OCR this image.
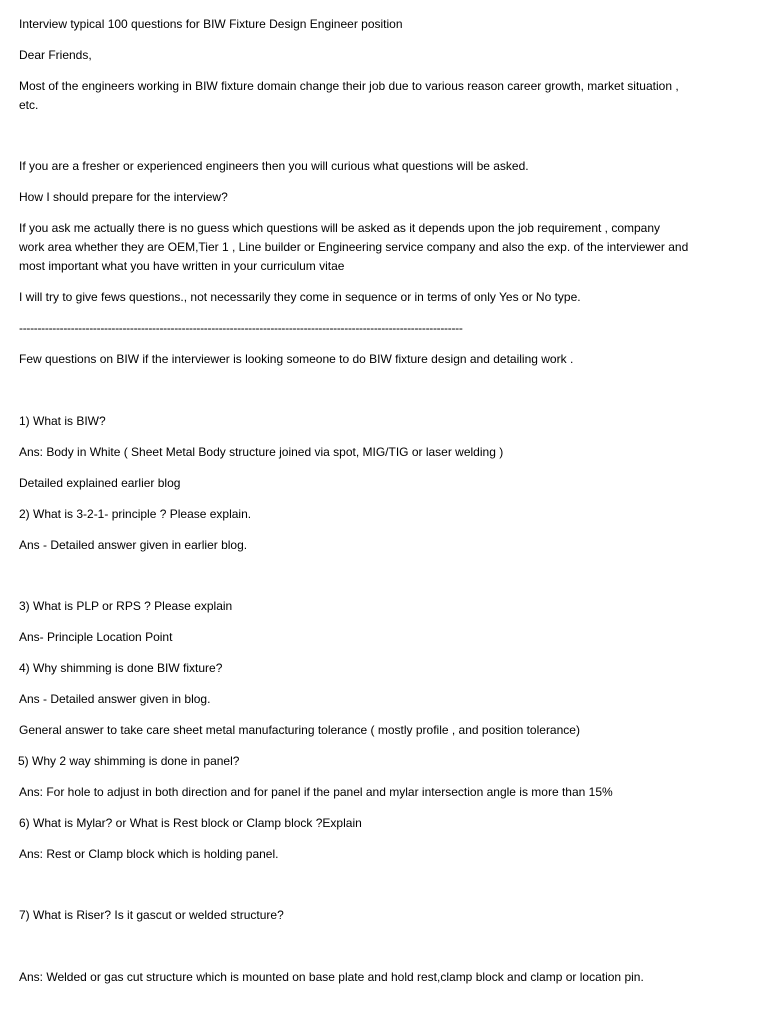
Interview typical 100 questions for BIW Fixture Design Engineer position
Dear Friends,
Most of the engineers working in BIW fixture domain change their job due to various reason career growth, market situation ,
etc.
If you are a fresher or experienced engineers then you will curious what questions will be asked.
How I should prepare for the interview?
If you ask me actually there is no guess which questions will be asked as it depends upon the job requirement , company
work area whether they are OEM,Tier 1 , Line builder or Engineering service company and also the exp. of the interviewer and
most important what you have written in your curriculum vitae
I will try to give fews questions., not necessarily they come in sequence or in terms of only Yes or No type.
------------------------------------------------------------------------------------------------------------------------
Few questions on BIW if the interviewer is looking someone to do BIW fixture design and detailing work .
1) What is BIW?
Ans: Body in White ( Sheet Metal Body structure joined via spot, MIG/TIG or laser welding )
Detailed explained earlier blog
2) What is 3-2-1- principle ? Please explain.
Ans - Detailed answer given in earlier blog.
3) What is PLP or RPS ? Please explain
Ans- Principle Location Point
4) Why shimming is done BIW fixture?
Ans - Detailed answer given in blog.
General answer to take care sheet metal manufacturing tolerance ( mostly profile , and position tolerance)
5) Why 2 way shimming is done in panel?
Ans: For hole to adjust in both direction and for panel if the panel and mylar intersection angle is more than 15%
6) What is Mylar? or What is Rest block or Clamp block ?Explain
Ans: Rest or Clamp block which is holding panel.
7) What is Riser? Is it gascut or welded structure?
Ans: Welded or gas cut structure which is mounted on base plate and hold rest,clamp block and clamp or location pin.
